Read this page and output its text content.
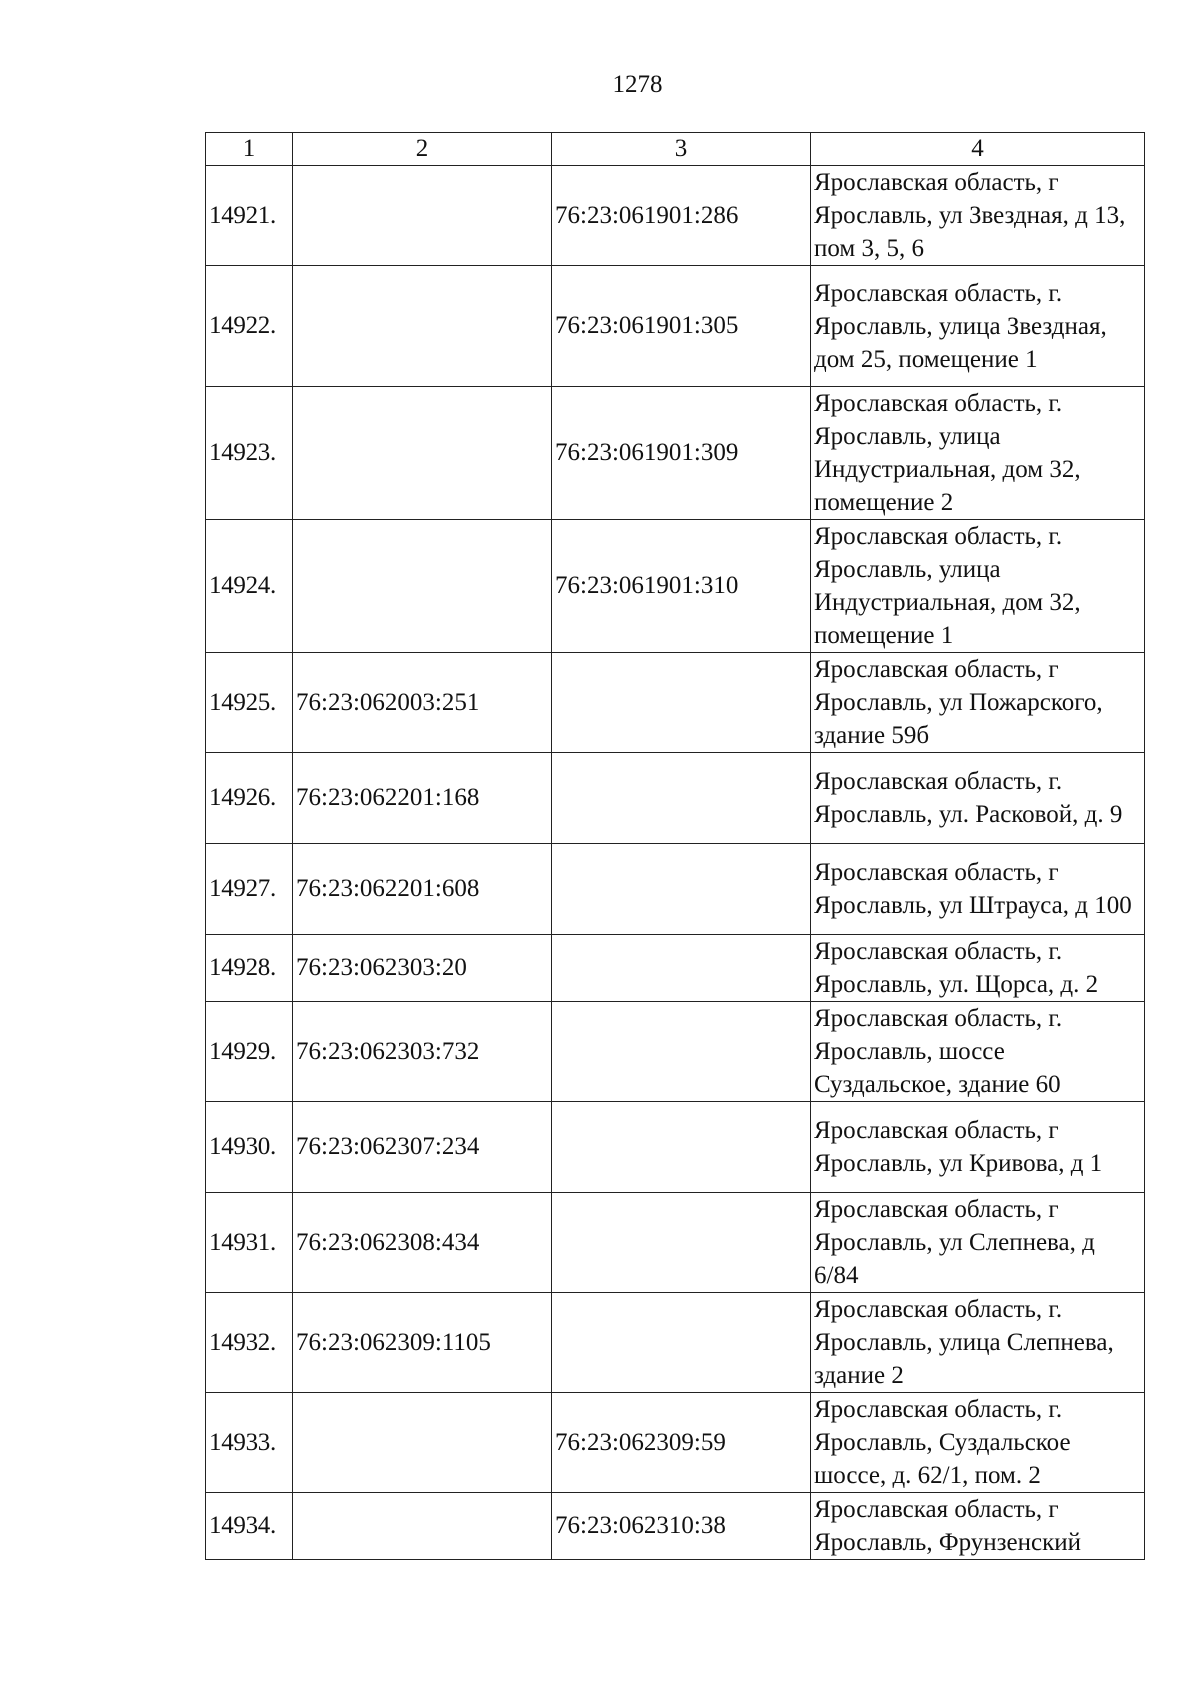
1278
1	2	3	4
14921.		76:23:061901:286	Ярославская область, г Ярославль, ул Звездная, д 13, пом 3, 5, 6
14922.		76:23:061901:305	Ярославская область, г. Ярославль, улица Звездная, дом 25, помещение 1
14923.		76:23:061901:309	Ярославская область, г. Ярославль, улица Индустриальная, дом 32, помещение 2
14924.		76:23:061901:310	Ярославская область, г. Ярославль, улица Индустриальная, дом 32, помещение 1
14925.	76:23:062003:251		Ярославская область, г Ярославль, ул Пожарского, здание 59б
14926.	76:23:062201:168		Ярославская область, г. Ярославль, ул. Расковой, д. 9
14927.	76:23:062201:608		Ярославская область, г Ярославль, ул Штрауса, д 100
14928.	76:23:062303:20		Ярославская область, г. Ярославль, ул. Щорса, д. 2
14929.	76:23:062303:732		Ярославская область, г. Ярославль, шоссе Суздальское, здание 60
14930.	76:23:062307:234		Ярославская область, г Ярославль, ул Кривова, д 1
14931.	76:23:062308:434		Ярославская область, г Ярославль, ул Слепнева, д 6/84
14932.	76:23:062309:1105		Ярославская область, г. Ярославль, улица Слепнева, здание 2
14933.		76:23:062309:59	Ярославская область, г. Ярославль, Суздальское шоссе, д. 62/1, пом. 2
14934.		76:23:062310:38	Ярославская область, г Ярославль, Фрунзенский
